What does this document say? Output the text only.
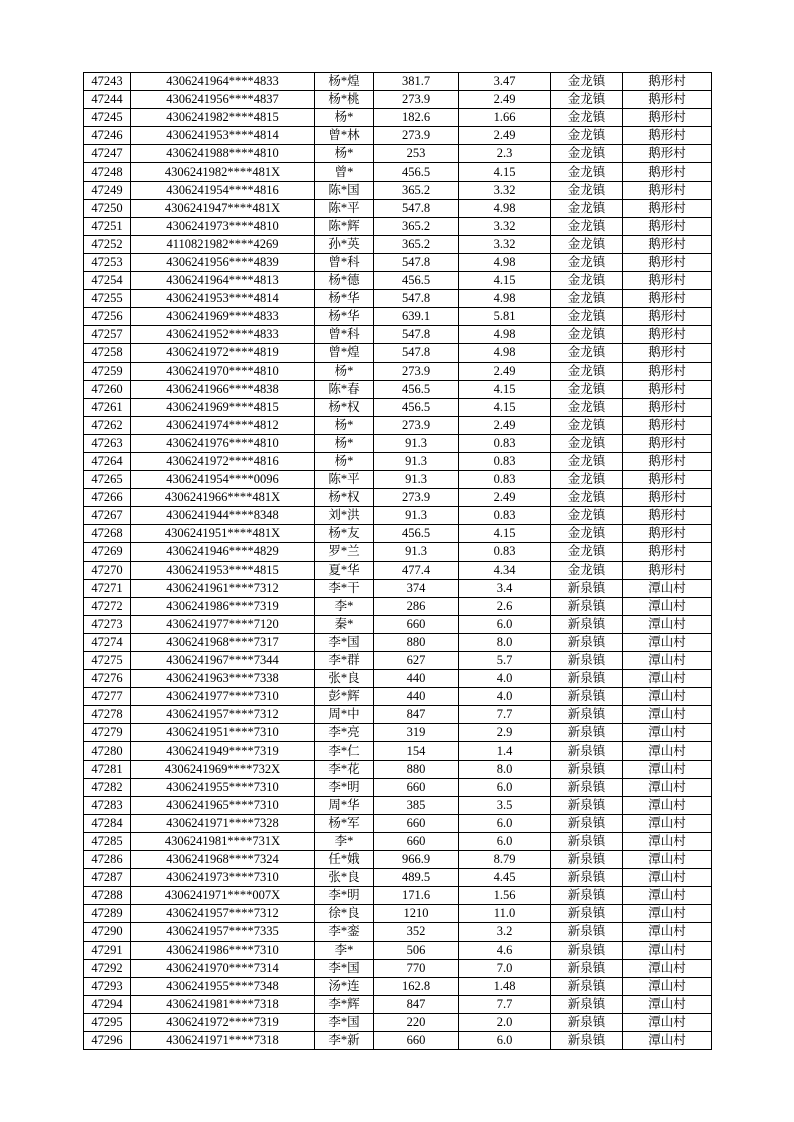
47243	4306241964****4833	杨*煌	381.7	3.47	金龙镇	鹅形村
47244	4306241956****4837	杨*桃	273.9	2.49	金龙镇	鹅形村
47245	4306241982****4815	杨*	182.6	1.66	金龙镇	鹅形村
47246	4306241953****4814	曾*林	273.9	2.49	金龙镇	鹅形村
47247	4306241988****4810	杨*	253	2.3	金龙镇	鹅形村
47248	4306241982****481X	曾*	456.5	4.15	金龙镇	鹅形村
47249	4306241954****4816	陈*国	365.2	3.32	金龙镇	鹅形村
47250	4306241947****481X	陈*平	547.8	4.98	金龙镇	鹅形村
47251	4306241973****4810	陈*辉	365.2	3.32	金龙镇	鹅形村
47252	4110821982****4269	孙*英	365.2	3.32	金龙镇	鹅形村
47253	4306241956****4839	曾*科	547.8	4.98	金龙镇	鹅形村
47254	4306241964****4813	杨*德	456.5	4.15	金龙镇	鹅形村
47255	4306241953****4814	杨*华	547.8	4.98	金龙镇	鹅形村
47256	4306241969****4833	杨*华	639.1	5.81	金龙镇	鹅形村
47257	4306241952****4833	曾*科	547.8	4.98	金龙镇	鹅形村
47258	4306241972****4819	曾*煌	547.8	4.98	金龙镇	鹅形村
47259	4306241970****4810	杨*	273.9	2.49	金龙镇	鹅形村
47260	4306241966****4838	陈*春	456.5	4.15	金龙镇	鹅形村
47261	4306241969****4815	杨*权	456.5	4.15	金龙镇	鹅形村
47262	4306241974****4812	杨*	273.9	2.49	金龙镇	鹅形村
47263	4306241976****4810	杨*	91.3	0.83	金龙镇	鹅形村
47264	4306241972****4816	杨*	91.3	0.83	金龙镇	鹅形村
47265	4306241954****0096	陈*平	91.3	0.83	金龙镇	鹅形村
47266	4306241966****481X	杨*权	273.9	2.49	金龙镇	鹅形村
47267	4306241944****8348	刘*洪	91.3	0.83	金龙镇	鹅形村
47268	4306241951****481X	杨*友	456.5	4.15	金龙镇	鹅形村
47269	4306241946****4829	罗*兰	91.3	0.83	金龙镇	鹅形村
47270	4306241953****4815	夏*华	477.4	4.34	金龙镇	鹅形村
47271	4306241961****7312	李*干	374	3.4	新泉镇	潭山村
47272	4306241986****7319	李*	286	2.6	新泉镇	潭山村
47273	4306241977****7120	秦*	660	6.0	新泉镇	潭山村
47274	4306241968****7317	李*国	880	8.0	新泉镇	潭山村
47275	4306241967****7344	李*群	627	5.7	新泉镇	潭山村
47276	4306241963****7338	张*良	440	4.0	新泉镇	潭山村
47277	4306241977****7310	彭*辉	440	4.0	新泉镇	潭山村
47278	4306241957****7312	周*中	847	7.7	新泉镇	潭山村
47279	4306241951****7310	李*亮	319	2.9	新泉镇	潭山村
47280	4306241949****7319	李*仁	154	1.4	新泉镇	潭山村
47281	4306241969****732X	李*花	880	8.0	新泉镇	潭山村
47282	4306241955****7310	李*明	660	6.0	新泉镇	潭山村
47283	4306241965****7310	周*华	385	3.5	新泉镇	潭山村
47284	4306241971****7328	杨*军	660	6.0	新泉镇	潭山村
47285	4306241981****731X	李*	660	6.0	新泉镇	潭山村
47286	4306241968****7324	任*娥	966.9	8.79	新泉镇	潭山村
47287	4306241973****7310	张*良	489.5	4.45	新泉镇	潭山村
47288	4306241971****007X	李*明	171.6	1.56	新泉镇	潭山村
47289	4306241957****7312	徐*良	1210	11.0	新泉镇	潭山村
47290	4306241957****7335	李*銮	352	3.2	新泉镇	潭山村
47291	4306241986****7310	李*	506	4.6	新泉镇	潭山村
47292	4306241970****7314	李*国	770	7.0	新泉镇	潭山村
47293	4306241955****7348	汤*连	162.8	1.48	新泉镇	潭山村
47294	4306241981****7318	李*辉	847	7.7	新泉镇	潭山村
47295	4306241972****7319	李*国	220	2.0	新泉镇	潭山村
47296	4306241971****7318	李*新	660	6.0	新泉镇	潭山村
